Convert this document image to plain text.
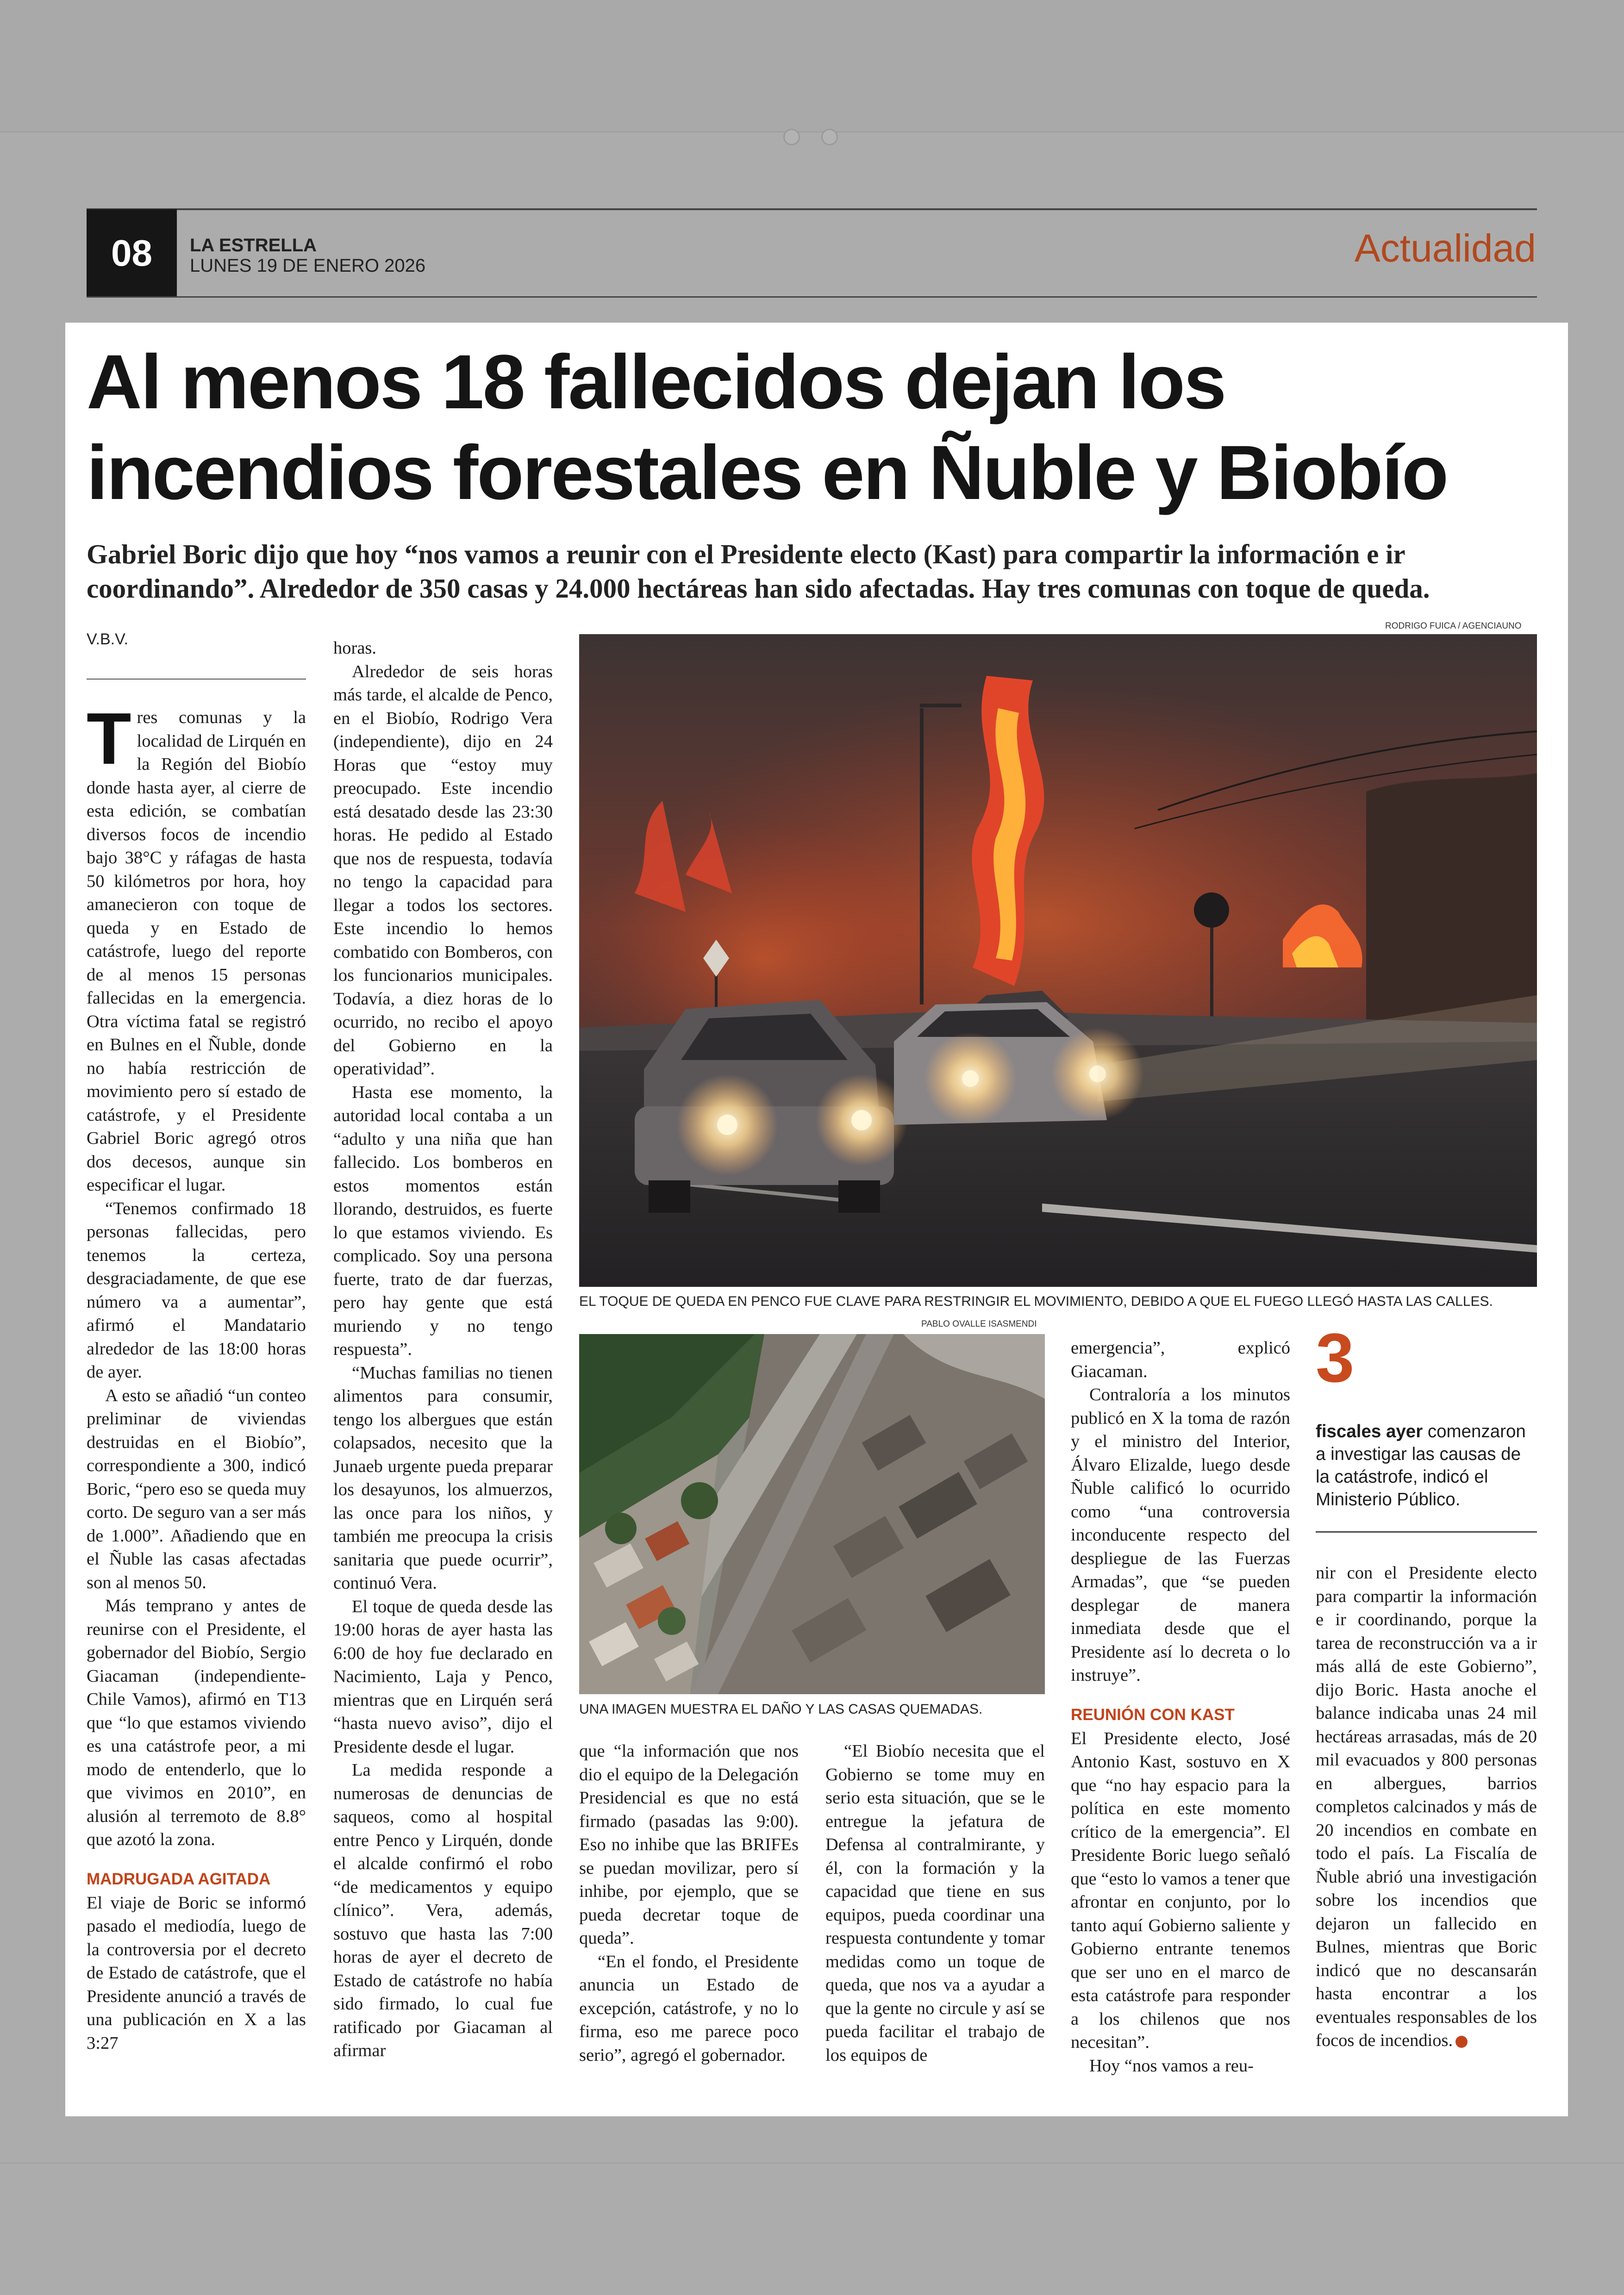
08	LA ESTRELLA
LUNES 19 DE ENERO 2026	Actualidad
Al menos 18 fallecidos dejan los
incendios forestales en Ñuble y Biobío
Gabriel Boric dijo que hoy “nos vamos a reunir con el Presidente electo (Kast) para compartir la información e ir coordinando”. Alrededor de 350 casas y 24.000 hectáreas han sido afectadas. Hay tres comunas con toque de queda.
V.B.V.
RODRIGO FUICA / AGENCIAUNO
EL TOQUE DE QUEDA EN PENCO FUE CLAVE PARA RESTRINGIR EL MOVIMIENTO, DEBIDO A QUE EL FUEGO LLEGÓ HASTA LAS CALLES.
PABLO OVALLE ISASMENDI
UNA IMAGEN MUESTRA EL DAÑO Y LAS CASAS QUEMADAS.

Tres comunas y la localidad de Lirquén en la Región del Biobío donde hasta ayer, al cierre de esta edición, se combatían diversos focos de incendio bajo 38°C y ráfagas de hasta 50 kilómetros por hora, hoy amanecieron con toque de queda y en Estado de catástrofe, luego del reporte de al menos 15 personas fallecidas en la emergencia. Otra víctima fatal se registró en Bulnes en el Ñuble, donde no había restricción de movimiento pero sí estado de catástrofe, y el Presidente Gabriel Boric agregó otros dos decesos, aunque sin especificar el lugar.

“Tenemos confirmado 18 personas fallecidas, pero tenemos la certeza, desgraciadamente, de que ese número va a aumentar”, afirmó el Mandatario alrededor de las 18:00 horas de ayer.

A esto se añadió “un conteo preliminar de viviendas destruidas en el Biobío”, correspondiente a 300, indicó Boric, “pero eso se queda muy corto. De seguro van a ser más de 1.000”. Añadiendo que en el Ñuble las casas afectadas son al menos 50.

Más temprano y antes de reunirse con el Presidente, el gobernador del Biobío, Sergio Giacaman (independiente-Chile Vamos), afirmó en T13 que “lo que estamos viviendo es una catástrofe peor, a mi modo de entenderlo, que lo que vivimos en 2010”, en alusión al terremoto de 8.8° que azotó la zona.

MADRUGADA AGITADA

El viaje de Boric se informó pasado el mediodía, luego de la controversia por el decreto de Estado de catástrofe, que el Presidente anunció a través de una publicación en X a las 3:27

horas.

Alrededor de seis horas más tarde, el alcalde de Penco, en el Biobío, Rodrigo Vera (independiente), dijo en 24 Horas que “estoy muy preocupado. Este incendio está desatado desde las 23:30 horas. He pedido al Estado que nos de respuesta, todavía no tengo la capacidad para llegar a todos los sectores. Este incendio lo hemos combatido con Bomberos, con los funcionarios municipales. Todavía, a diez horas de lo ocurrido, no recibo el apoyo del Gobierno en la operatividad”.

Hasta ese momento, la autoridad local contaba a un “adulto y una niña que han fallecido. Los bomberos en estos momentos están llorando, destruidos, es fuerte lo que estamos viviendo. Es complicado. Soy una persona fuerte, trato de dar fuerzas, pero hay gente que está muriendo y no tengo respuesta”.

“Muchas familias no tienen alimentos para consumir, tengo los albergues que están colapsados, necesito que la Junaeb urgente pueda preparar los desayunos, los almuerzos, las once para los niños, y también me preocupa la crisis sanitaria que puede ocurrir”, continuó Vera.

El toque de queda desde las 19:00 horas de ayer hasta las 6:00 de hoy fue declarado en Nacimiento, Laja y Penco, mientras que en Lirquén será “hasta nuevo aviso”, dijo el Presidente desde el lugar.

La medida responde a numerosas de denuncias de saqueos, como al hospital entre Penco y Lirquén, donde el alcalde confirmó el robo “de medicamentos y equipo clínico”. Vera, además, sostuvo que hasta las 7:00 horas de ayer el decreto de Estado de catástrofe no había sido firmado, lo cual fue ratificado por Giacaman al afirmar

que “la información que nos dio el equipo de la Delegación Presidencial es que no está firmado (pasadas las 9:00). Eso no inhibe que las BRIFEs se puedan movilizar, pero sí inhibe, por ejemplo, que se pueda decretar toque de queda”.

“En el fondo, el Presidente anuncia un Estado de excepción, catástrofe, y no lo firma, eso me parece poco serio”, agregó el gobernador.

“El Biobío necesita que el Gobierno se tome muy en serio esta situación, que se le entregue la jefatura de Defensa al contralmirante, y él, con la formación y la capacidad que tiene en sus equipos, pueda coordinar una respuesta contundente y tomar medidas como un toque de queda, que nos va a ayudar a que la gente no circule y así se pueda facilitar el trabajo de los equipos de

emergencia”, explicó Giacaman.

Contraloría a los minutos publicó en X la toma de razón y el ministro del Interior, Álvaro Elizalde, luego desde Ñuble calificó lo ocurrido como “una controversia inconducente respecto del despliegue de las Fuerzas Armadas”, que “se pueden desplegar de manera inmediata desde que el Presidente así lo decreta o lo instruye”.

REUNIÓN CON KAST

El Presidente electo, José Antonio Kast, sostuvo en X que “no hay espacio para la política en este momento crítico de la emergencia”. El Presidente Boric luego señaló que “esto lo vamos a tener que afrontar en conjunto, por lo tanto aquí Gobierno saliente y Gobierno entrante tenemos que ser uno en el marco de esta catástrofe para responder a los chilenos que nos necesitan”.

Hoy “nos vamos a reu-

3
fiscales ayer comenzaron a investigar las causas de la catástrofe, indicó el Ministerio Público.

nir con el Presidente electo para compartir la información e ir coordinando, porque la tarea de reconstrucción va a ir más allá de este Gobierno”, dijo Boric. Hasta anoche el balance indicaba unas 24 mil hectáreas arrasadas, más de 20 mil evacuados y 800 personas en albergues, barrios completos calcinados y más de 20 incendios en combate en todo el país. La Fiscalía de Ñuble abrió una investigación sobre los incendios que dejaron un fallecido en Bulnes, mientras que Boric indicó que no descansarán hasta encontrar a los eventuales responsables de los focos de incendios.
